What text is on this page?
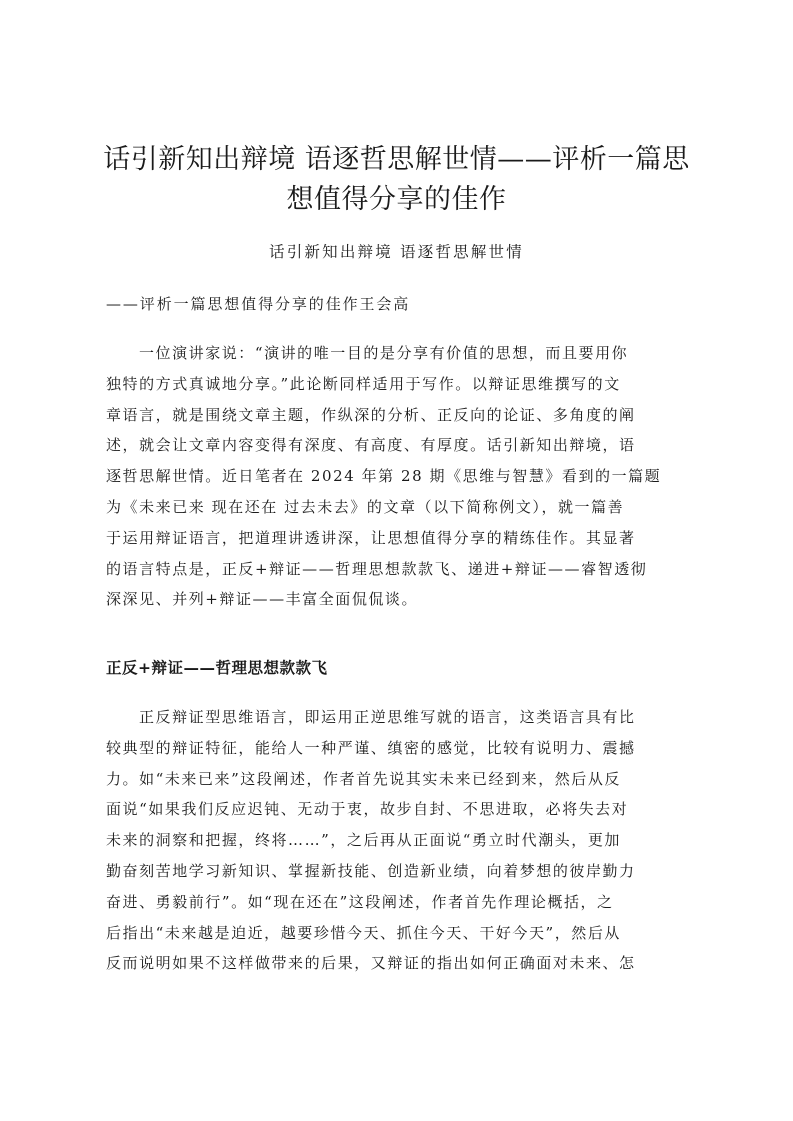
话引新知出辩境 语逐哲思解世情——评析一篇思想值得分享的佳作

话引新知出辩境 语逐哲思解世情

——评析一篇思想值得分享的佳作王会高

一位演讲家说：“演讲的唯一目的是分享有价值的思想，而且要用你
独特的方式真诚地分享。”此论断同样适用于写作。以辩证思维撰写的文
章语言，就是围绕文章主题，作纵深的分析、正反向的论证、多角度的阐
述，就会让文章内容变得有深度、有高度、有厚度。话引新知出辩境，语
逐哲思解世情。近日笔者在 2024 年第 28 期《思维与智慧》看到的一篇题
为《未来已来 现在还在 过去未去》的文章（以下简称例文），就一篇善
于运用辩证语言，把道理讲透讲深，让思想值得分享的精练佳作。其显著
的语言特点是，正反+辩证——哲理思想款款飞、递进+辩证——睿智透彻
深深见、并列+辩证——丰富全面侃侃谈。
正反+辩证——哲理思想款款飞
正反辩证型思维语言，即运用正逆思维写就的语言，这类语言具有比
较典型的辩证特征，能给人一种严谨、缜密的感觉，比较有说明力、震撼
力。如“未来已来”这段阐述，作者首先说其实未来已经到来，然后从反
面说“如果我们反应迟钝、无动于衷，故步自封、不思进取，必将失去对
未来的洞察和把握，终将……”，之后再从正面说“勇立时代潮头，更加
勤奋刻苦地学习新知识、掌握新技能、创造新业绩，向着梦想的彼岸勤力
奋进、勇毅前行”。如“现在还在”这段阐述，作者首先作理论概括，之
后指出“未来越是迫近，越要珍惜今天、抓住今天、干好今天”，然后从
反而说明如果不这样做带来的后果，又辩证的指出如何正确面对未来、怎
